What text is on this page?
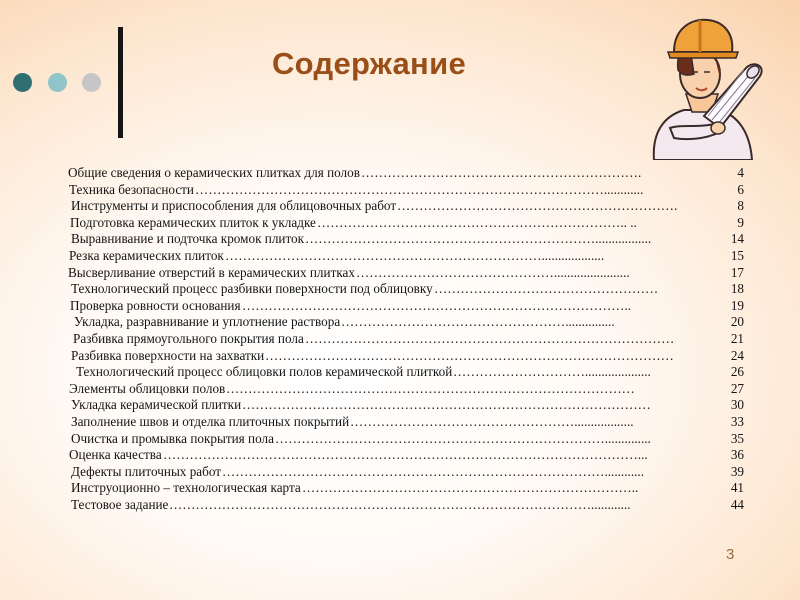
Содержание
Общие сведения о керамических плитках для полов ……………………………………………………….	4
Техника безопасности …………………………………………………………………………………............	6
Инструменты и приспособления для облицовочных работ ……………………………………………………….	8
Подготовка керамических плиток к укладке …………………………………………………………….. ..	9
Выравнивание и подточка кромок плиток ………………………………………………………….................	14
Резка керамических плиток ………………………………………………………………...................	15
Высверливание отверстий в керамических плитках ……………………………………….......................	17
Технологический процесс разбивки поверхности под облицовку ……………………………………………	18
Проверка ровности основания ……………………………………………………………………………..	19
Укладка, разравнивание и уплотнение раствора ……………………………………………...............	20
Разбивка прямоугольного покрытия пола …………………………………………………………………………	21
Разбивка поверхности на захватки …………………………………………………………………………………	24
Технологический процесс облицовки полов керамической плиткой …………………………....................	26
Элементы облицовки полов …………………………………………………………………………………	27
Укладка керамической плитки …………………………………………………………………………………	30
Заполнение швов и отделка плиточных покрытий ……………………………………………..................	33
Очистка и промывка покрытия пола …………………………………………………………………..............	35
Оценка качества ………………………………………………………………………………………………...	36
Дефекты плиточных работ ……………………………………………………………………………............	39
Инструоционно – технологическая карта …………………………………………………………………..	41
Тестовое задание ……………………………………………………………………………………............	44
3
